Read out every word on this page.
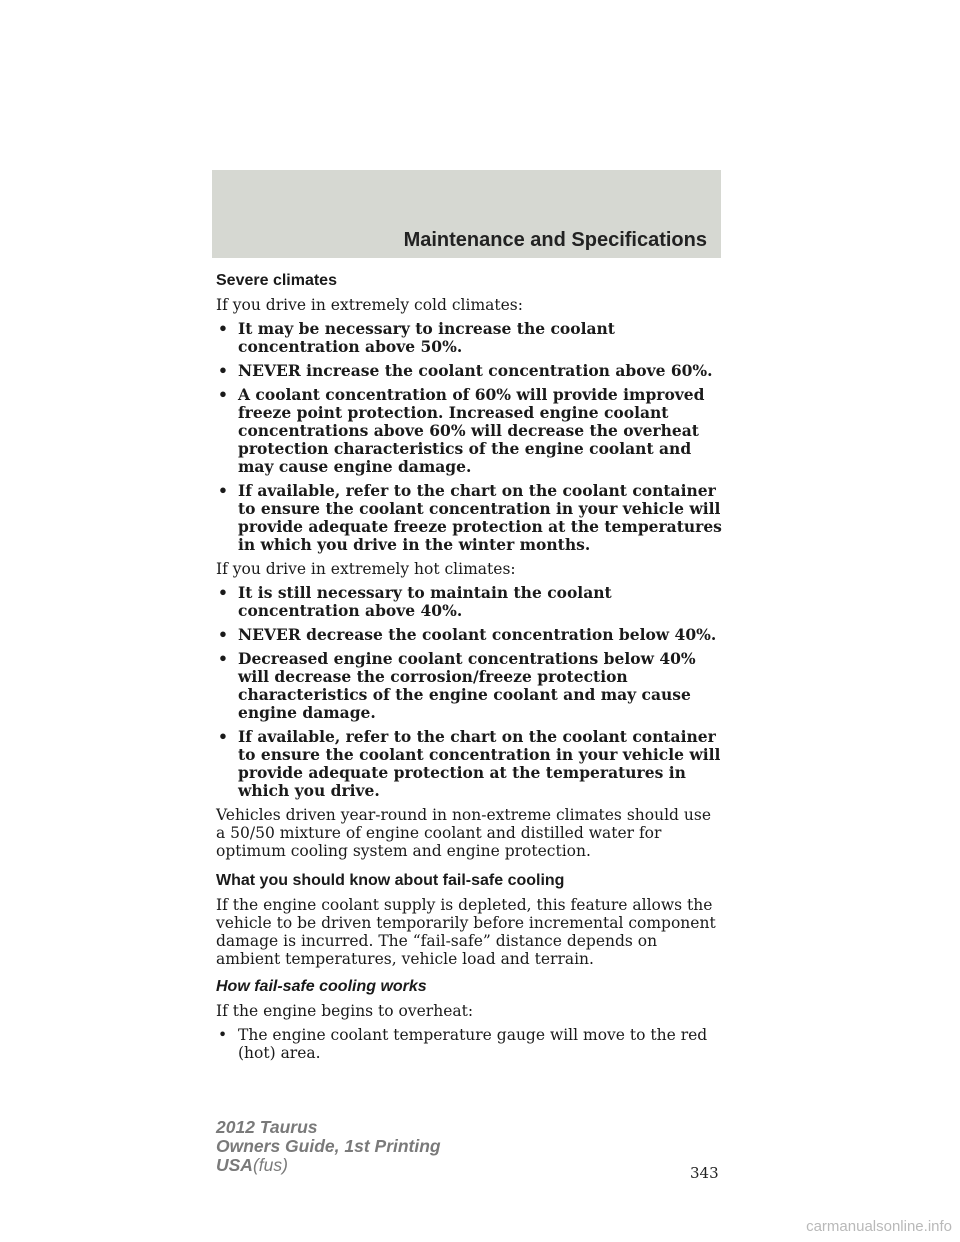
Maintenance and Specifications
Severe climates

If you drive in extremely cold climates:

• It may be necessary to increase the coolant concentration above 50%.
• NEVER increase the coolant concentration above 60%.
• A coolant concentration of 60% will provide improved freeze point protection. Increased engine coolant concentrations above 60% will decrease the overheat protection characteristics of the engine coolant and may cause engine damage.
• If available, refer to the chart on the coolant container to ensure the coolant concentration in your vehicle will provide adequate freeze protection at the temperatures in which you drive in the winter months.

If you drive in extremely hot climates:

• It is still necessary to maintain the coolant concentration above 40%.
• NEVER decrease the coolant concentration below 40%.
• Decreased engine coolant concentrations below 40% will decrease the corrosion/freeze protection characteristics of the engine coolant and may cause engine damage.
• If available, refer to the chart on the coolant container to ensure the coolant concentration in your vehicle will provide adequate protection at the temperatures in which you drive.

Vehicles driven year-round in non-extreme climates should use a 50/50 mixture of engine coolant and distilled water for optimum cooling system and engine protection.

What you should know about fail-safe cooling

If the engine coolant supply is depleted, this feature allows the vehicle to be driven temporarily before incremental component damage is incurred. The “fail-safe” distance depends on ambient temperatures, vehicle load and terrain.

How fail-safe cooling works

If the engine begins to overheat:

• The engine coolant temperature gauge will move to the red (hot) area.
343
2012 Taurus
Owners Guide, 1st Printing
USA(fus)
carmanualsonline.info
